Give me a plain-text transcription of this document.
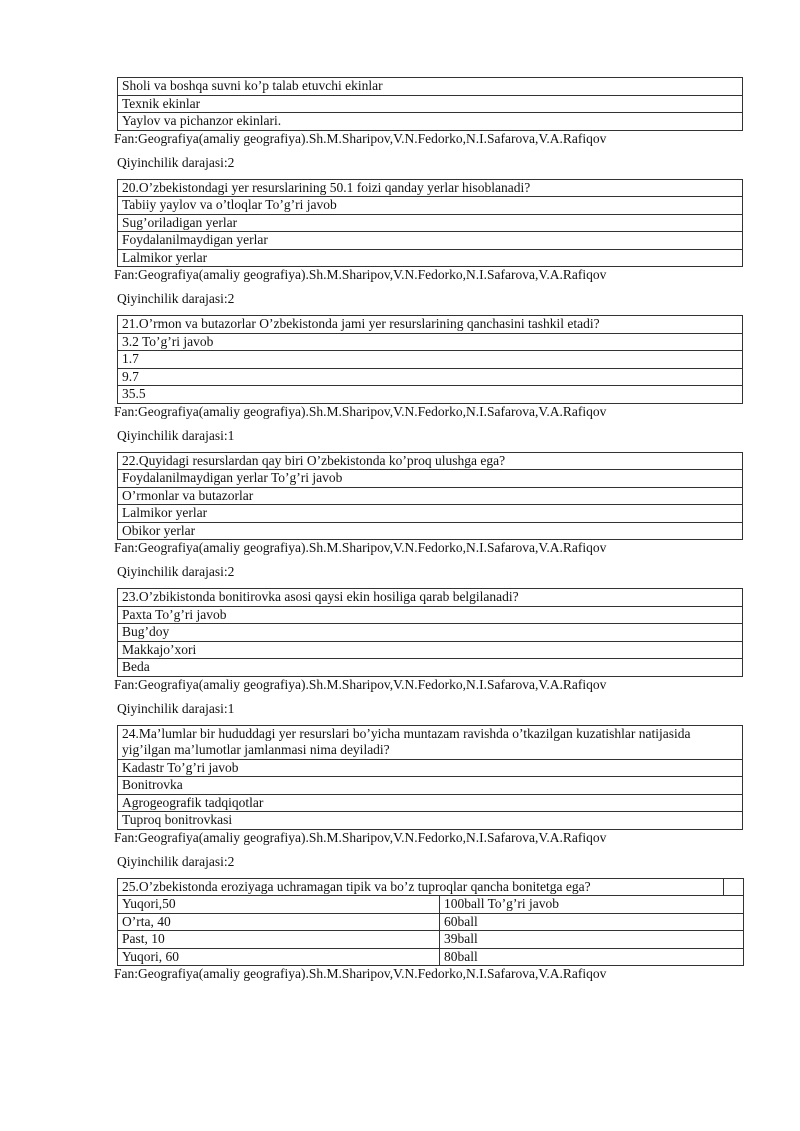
Sholi va boshqa suvni ko’p talab etuvchi ekinlar
Texnik ekinlar
Yaylov va pichanzor ekinlari.
Fan:Geografiya(amaliy geografiya).Sh.M.Sharipov,V.N.Fedorko,N.I.Safarova,V.A.Rafiqov
Qiyinchilik darajasi:2
20.O’zbekistondagi yer resurslarining 50.1 foizi qanday yerlar hisoblanadi?
Tabiiy yaylov va o’tloqlar To’g’ri javob
Sug’oriladigan yerlar
Foydalanilmaydigan yerlar
Lalmikor yerlar
Fan:Geografiya(amaliy geografiya).Sh.M.Sharipov,V.N.Fedorko,N.I.Safarova,V.A.Rafiqov
Qiyinchilik darajasi:2
21.O’rmon va butazorlar O’zbekistonda jami yer resurslarining qanchasini tashkil etadi?
3.2 To’g’ri javob
1.7
9.7
35.5
Fan:Geografiya(amaliy geografiya).Sh.M.Sharipov,V.N.Fedorko,N.I.Safarova,V.A.Rafiqov
Qiyinchilik darajasi:1
22.Quyidagi resurslardan qay biri O’zbekistonda ko’proq ulushga ega?
Foydalanilmaydigan yerlar To’g’ri javob
O’rmonlar va butazorlar
Lalmikor yerlar
Obikor yerlar
Fan:Geografiya(amaliy geografiya).Sh.M.Sharipov,V.N.Fedorko,N.I.Safarova,V.A.Rafiqov
Qiyinchilik darajasi:2
23.O’zbikistonda bonitirovka asosi qaysi ekin hosiliga qarab belgilanadi?
Paxta To’g’ri javob
Bug’doy
Makkajo’xori
Beda
Fan:Geografiya(amaliy geografiya).Sh.M.Sharipov,V.N.Fedorko,N.I.Safarova,V.A.Rafiqov
Qiyinchilik darajasi:1
24.Ma’lumlar bir hududdagi yer resurslari bo’yicha muntazam ravishda o’tkazilgan kuzatishlar natijasida yig’ilgan ma’lumotlar jamlanmasi nima deyiladi?
Kadastr To’g’ri javob
Bonitrovka
Agrogeografik tadqiqotlar
Tuproq bonitrovkasi
Fan:Geografiya(amaliy geografiya).Sh.M.Sharipov,V.N.Fedorko,N.I.Safarova,V.A.Rafiqov
Qiyinchilik darajasi:2
25.O’zbekistonda eroziyaga uchramagan tipik va bo’z tuproqlar qancha bonitetga ega?		
Yuqori,50	100ball To’g’ri javob	
O’rta, 40	60ball	
Past, 10	39ball	
Yuqori, 60	80ball	
Fan:Geografiya(amaliy geografiya).Sh.M.Sharipov,V.N.Fedorko,N.I.Safarova,V.A.Rafiqov
